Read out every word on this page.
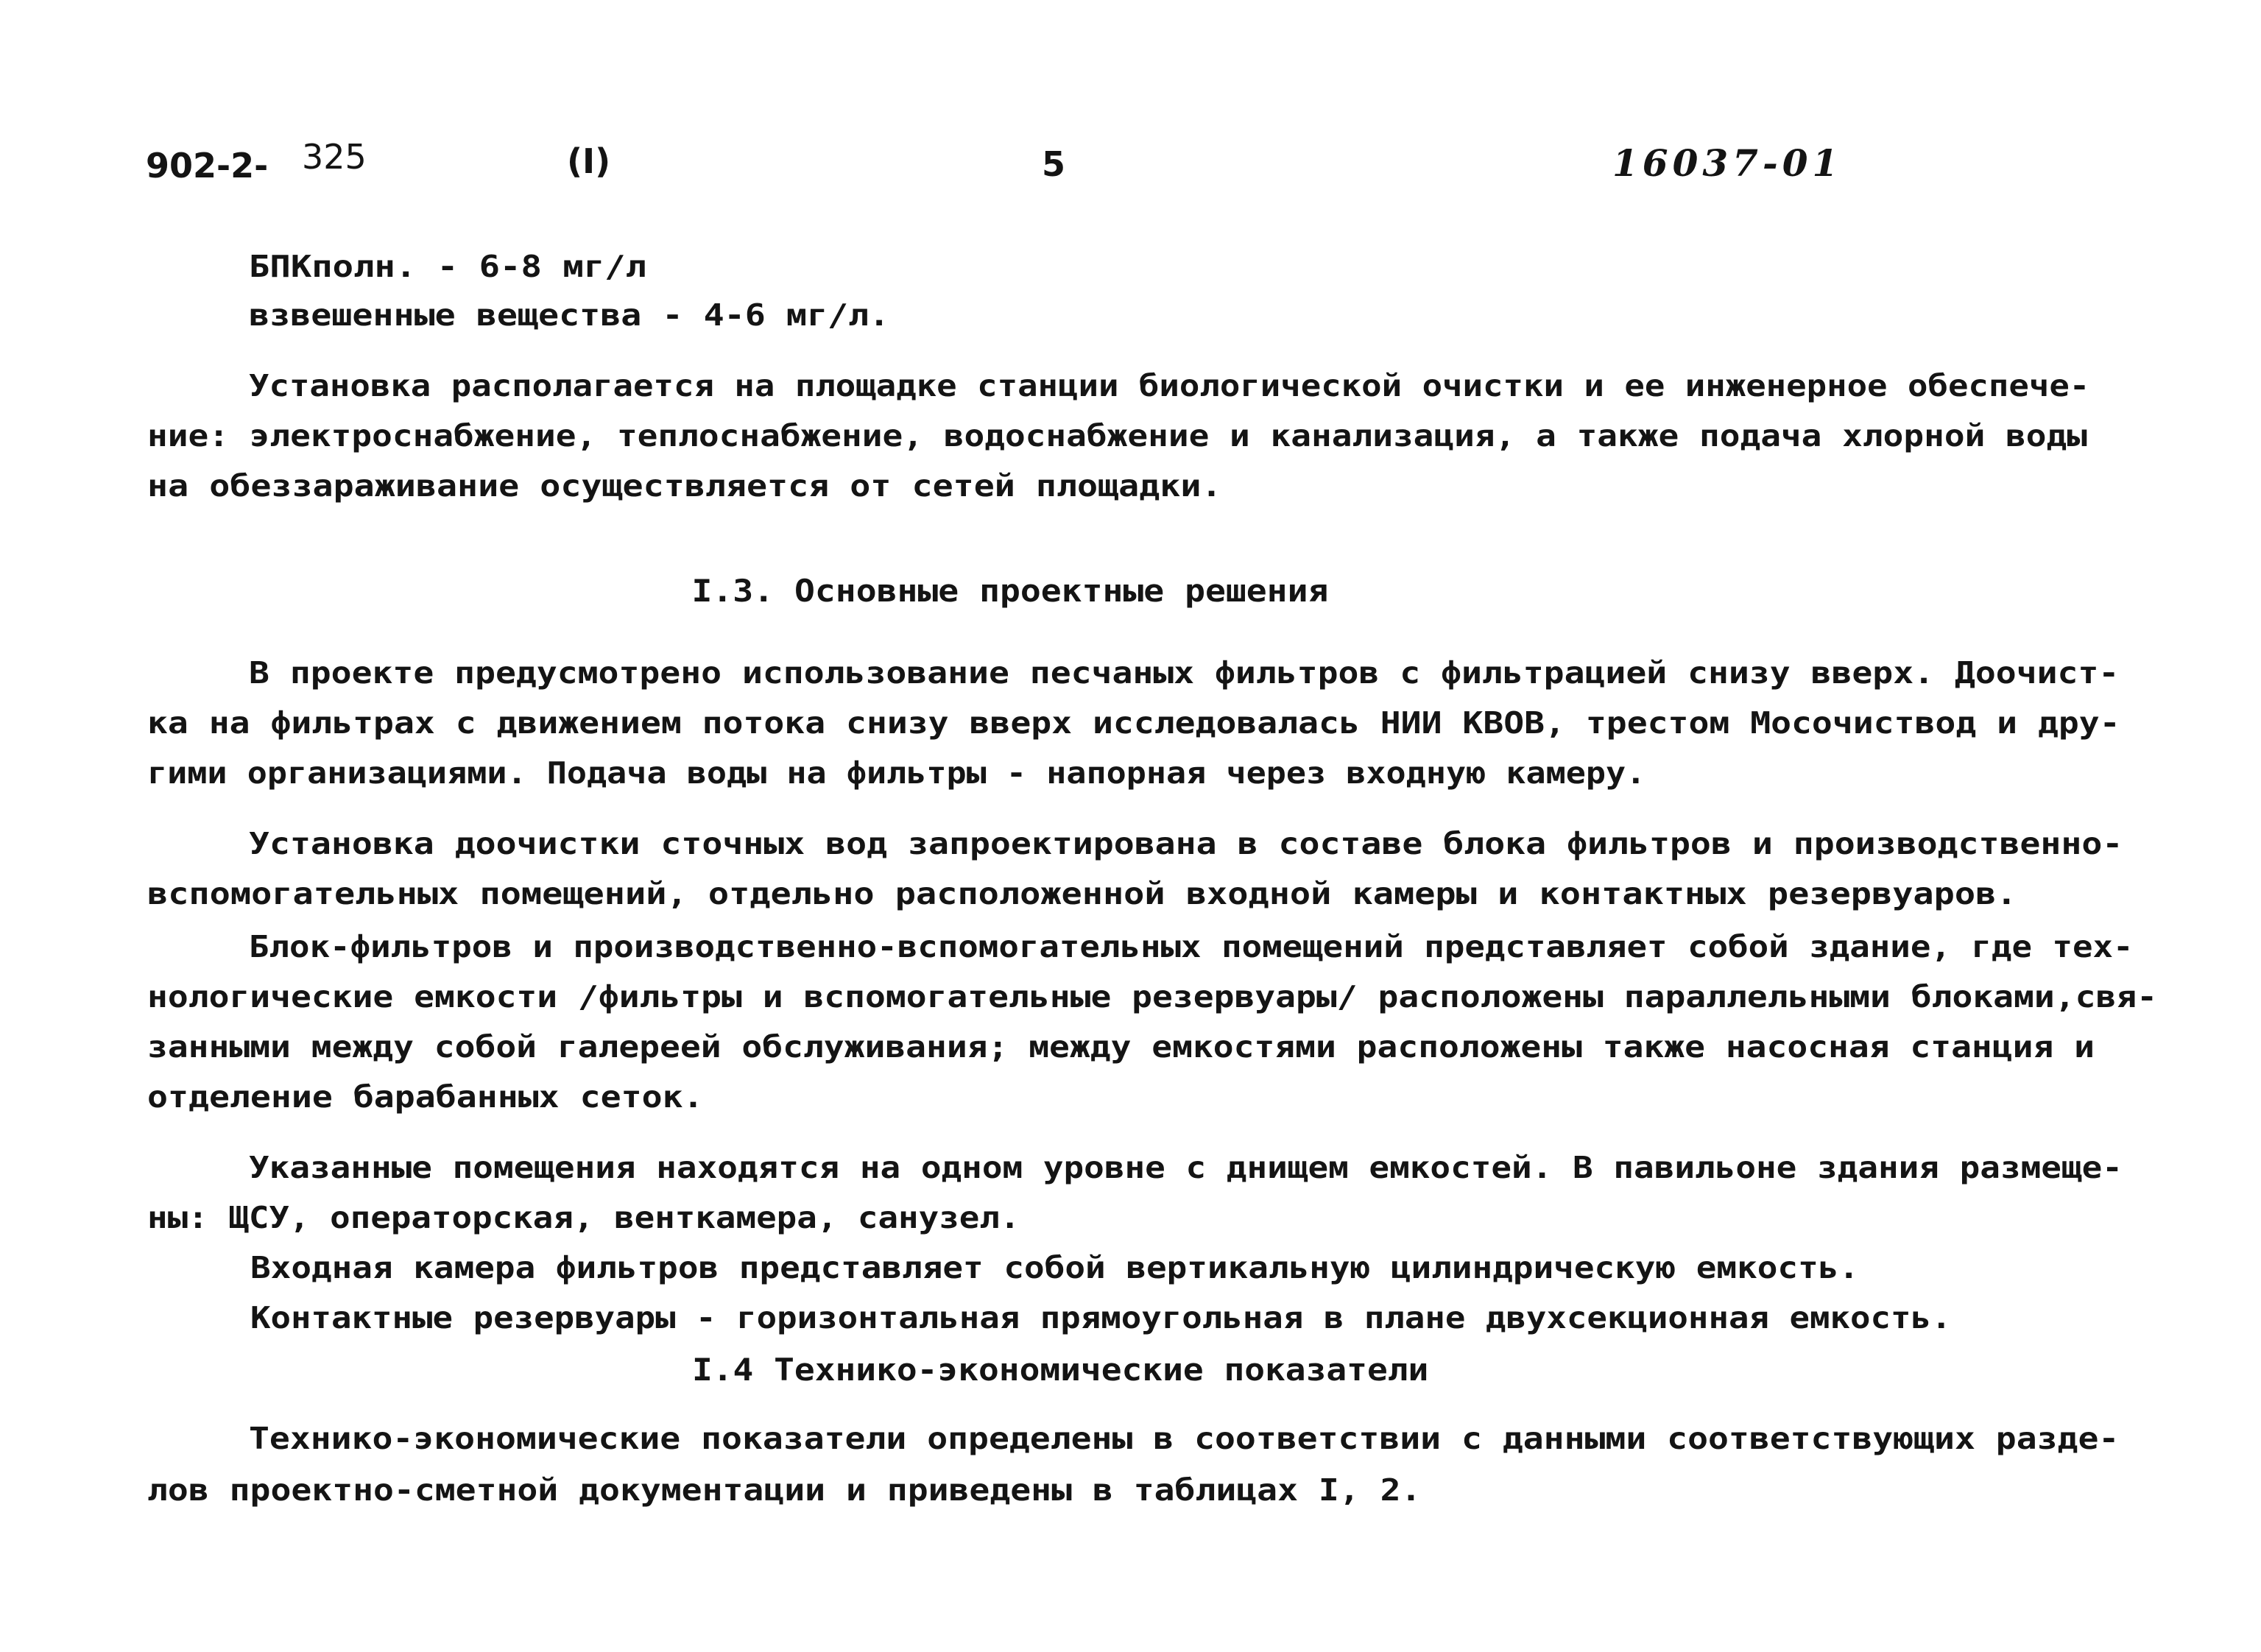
902-2- 325	(I)	5	16037-01
БПКполн. - 6-8 мг/л
взвешенные вещества - 4-6 мг/л.
Установка располагается на площадке станции биологической очистки и ее инженерное обеспече-
ние: электроснабжение, теплоснабжение, водоснабжение и канализация, а также подача хлорной воды
на обеззараживание осуществляется от сетей площадки.
I.3. Основные проектные решения
В проекте предусмотрено использование песчаных фильтров с фильтрацией снизу вверх. Доочист-
ка на фильтрах с движением потока снизу вверх исследовалась НИИ КВОВ, трестом Мосочиствод и дру-
гими организациями. Подача воды на фильтры - напорная через входную камеру.
Установка доочистки сточных вод запроектирована в составе блока фильтров и производственно-
вспомогательных помещений, отдельно расположенной входной камеры и контактных резервуаров.
Блок-фильтров и производственно-вспомогательных помещений представляет собой здание, где тех-
нологические емкости /фильтры и вспомогательные резервуары/ расположены параллельными блоками,свя-
занными между собой галереей обслуживания; между емкостями расположены также насосная станция и
отделение барабанных сеток.
Указанные помещения находятся на одном уровне с днищем емкостей. В павильоне здания размеще-
ны: ЩСУ, операторская, венткамера, санузел.
Входная камера фильтров представляет собой вертикальную цилиндрическую емкость.
Контактные резервуары - горизонтальная прямоугольная в плане двухсекционная емкость.
I.4 Технико-экономические показатели
Технико-экономические показатели определены в соответствии с данными соответствующих разде-
лов проектно-сметной документации и приведены в таблицах I, 2.
